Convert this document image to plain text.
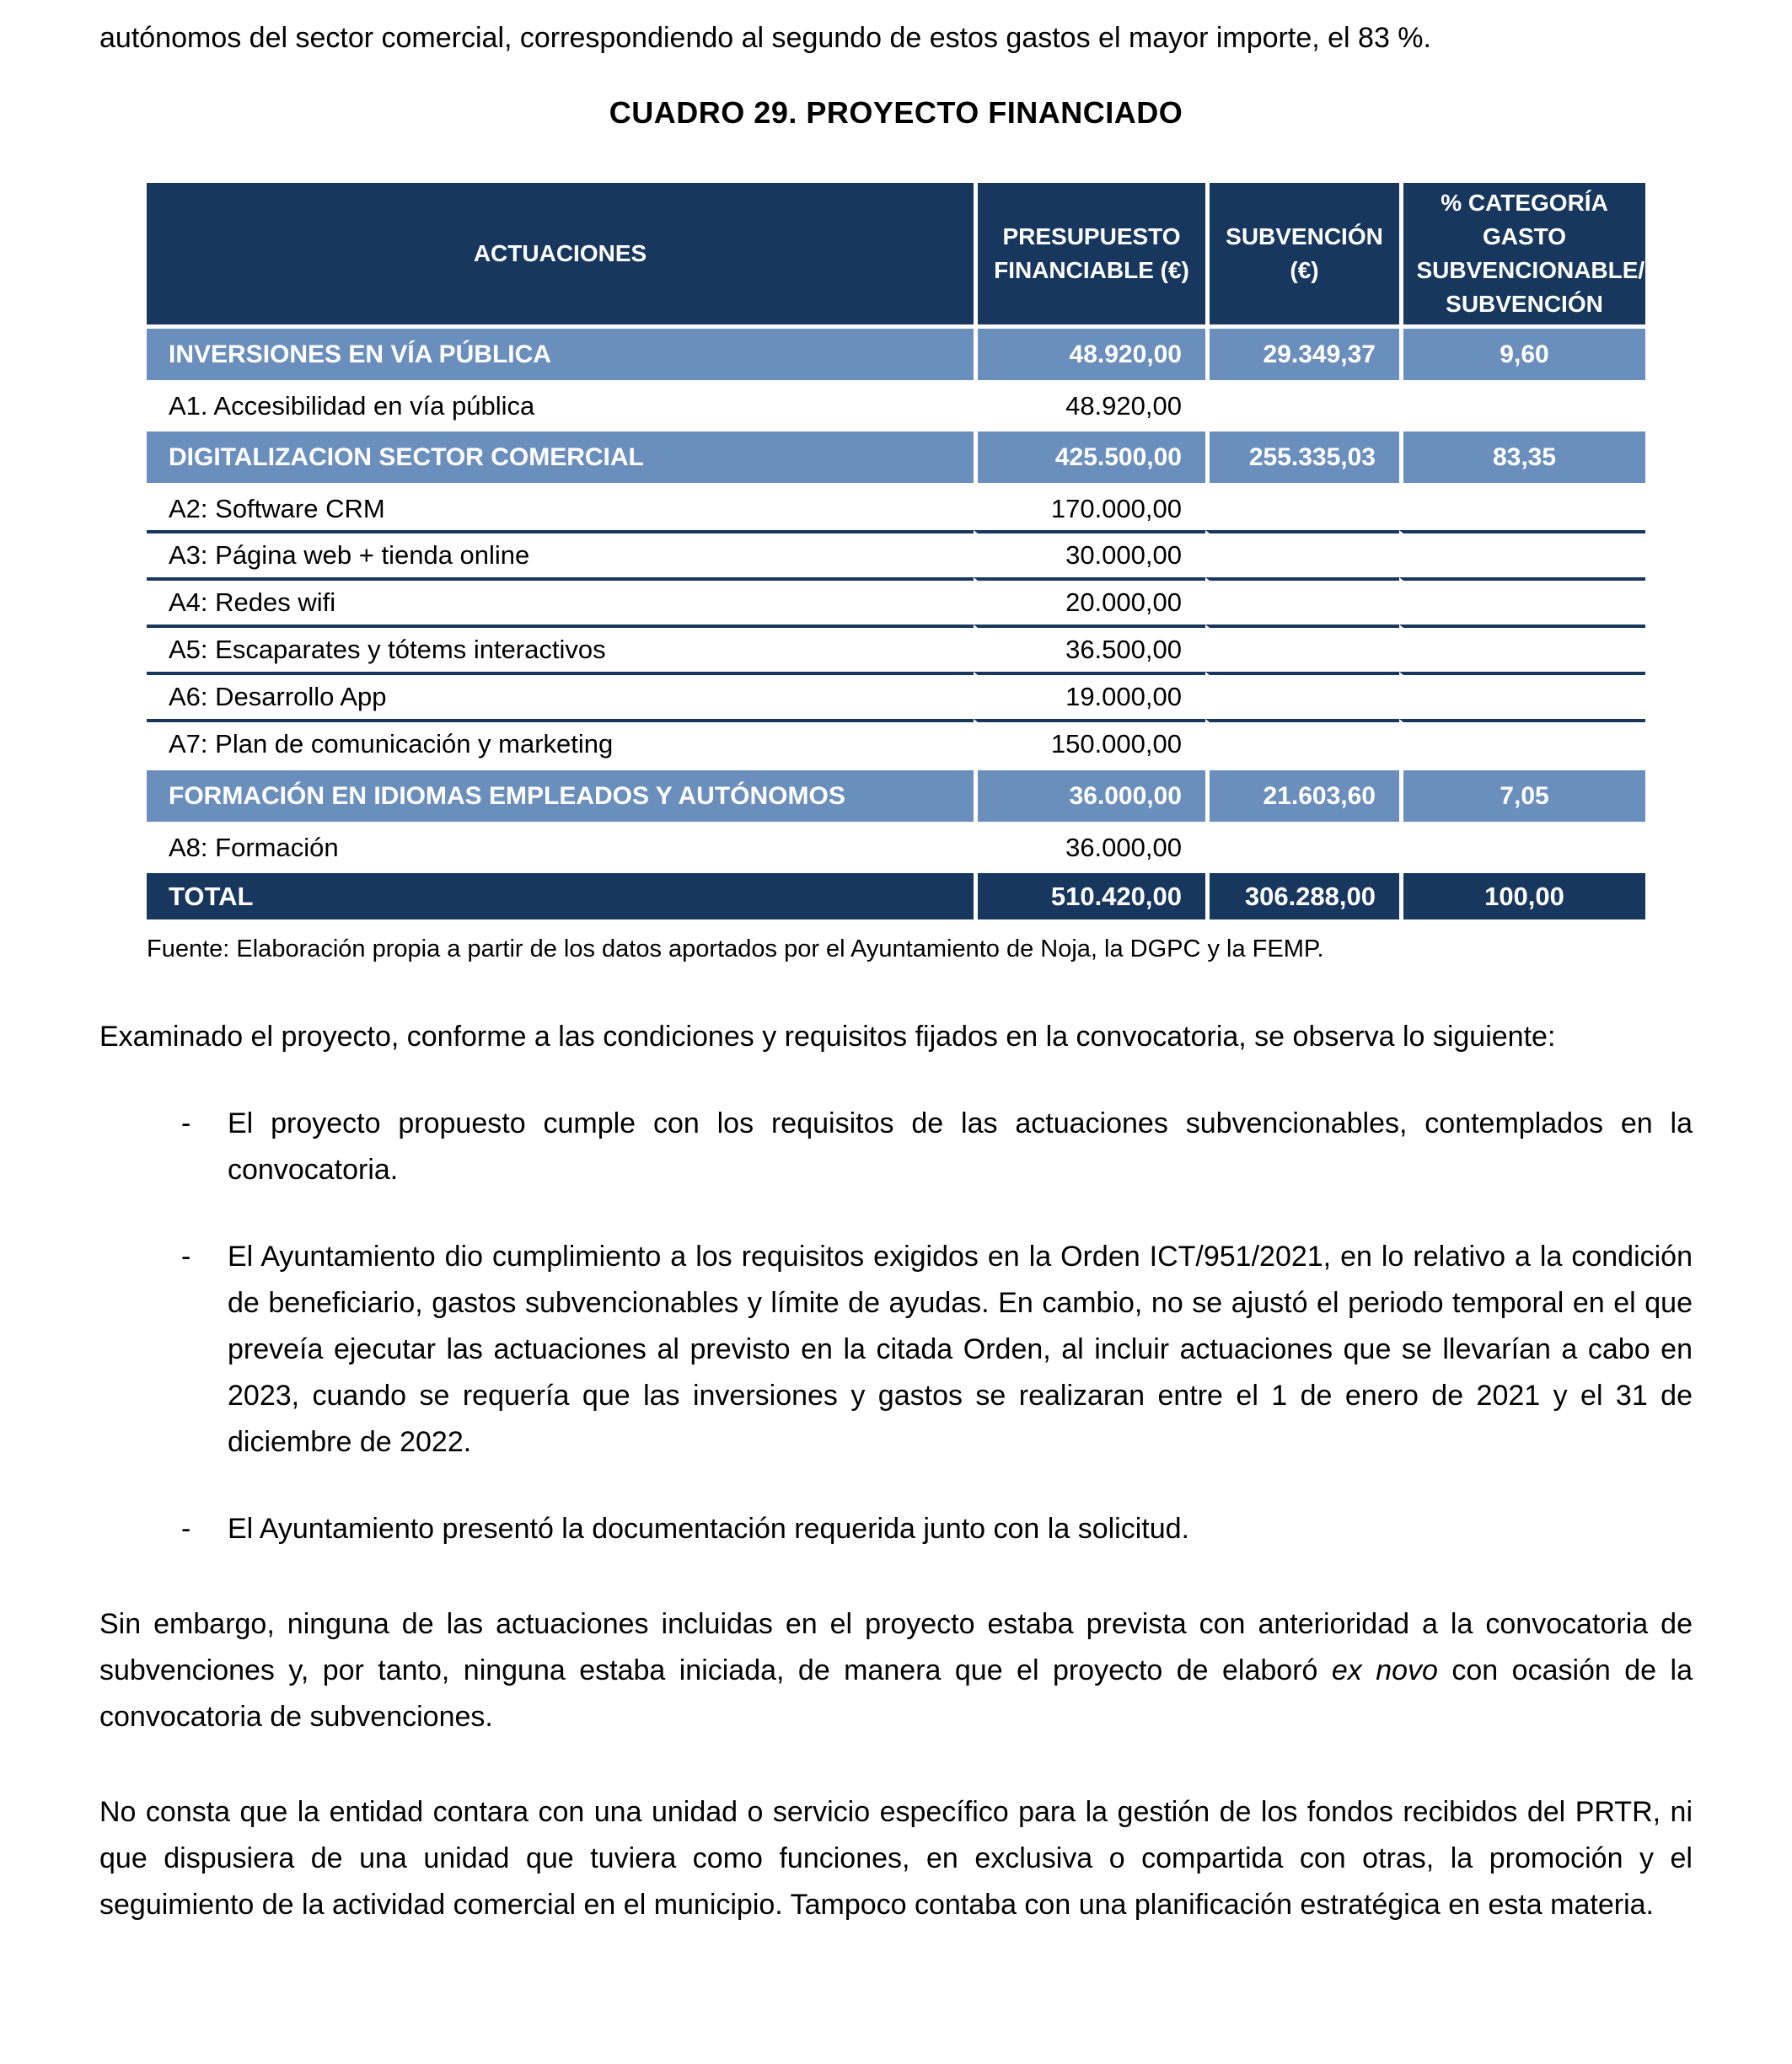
autónomos del sector comercial, correspondiendo al segundo de estos gastos el mayor importe, el 83 %.

CUADRO 29. PROYECTO FINANCIADO
ACTUACIONES	PRESUPUESTO FINANCIABLE (€)	SUBVENCIÓN (€)	% CATEGORÍA GASTO SUBVENCIONABLE/ SUBVENCIÓN

INVERSIONES EN VÍA PÚBLICA	48.920,00	29.349,37	9,60
A1. Accesibilidad en vía pública	48.920,00		
DIGITALIZACION SECTOR COMERCIAL	425.500,00	255.335,03	83,35
A2: Software CRM	170.000,00		
A3: Página web + tienda online	30.000,00		
A4: Redes wifi	20.000,00		
A5: Escaparates y tótems interactivos	36.500,00		
A6: Desarrollo App	19.000,00		
A7: Plan de comunicación y marketing	150.000,00		
FORMACIÓN EN IDIOMAS EMPLEADOS Y AUTÓNOMOS	36.000,00	21.603,60	7,05
A8: Formación	36.000,00		
TOTAL	510.420,00	306.288,00	100,00
Fuente: Elaboración propia a partir de los datos aportados por el Ayuntamiento de Noja, la DGPC y la FEMP.

Examinado el proyecto, conforme a las condiciones y requisitos fijados en la convocatoria, se observa lo siguiente:

-	El proyecto propuesto cumple con los requisitos de las actuaciones subvencionables, contemplados en la convocatoria.
-	El Ayuntamiento dio cumplimiento a los requisitos exigidos en la Orden ICT/951/2021, en lo relativo a la condición de beneficiario, gastos subvencionables y límite de ayudas. En cambio, no se ajustó el periodo temporal en el que preveía ejecutar las actuaciones al previsto en la citada Orden, al incluir actuaciones que se llevarían a cabo en 2023, cuando se requería que las inversiones y gastos se realizaran entre el 1 de enero de 2021 y el 31 de diciembre de 2022.
-	El Ayuntamiento presentó la documentación requerida junto con la solicitud.

Sin embargo, ninguna de las actuaciones incluidas en el proyecto estaba prevista con anterioridad a la convocatoria de subvenciones y, por tanto, ninguna estaba iniciada, de manera que el proyecto de elaboró ex novo con ocasión de la convocatoria de subvenciones.

No consta que la entidad contara con una unidad o servicio específico para la gestión de los fondos recibidos del PRTR, ni que dispusiera de una unidad que tuviera como funciones, en exclusiva o compartida con otras, la promoción y el seguimiento de la actividad comercial en el municipio. Tampoco contaba con una planificación estratégica en esta materia.
